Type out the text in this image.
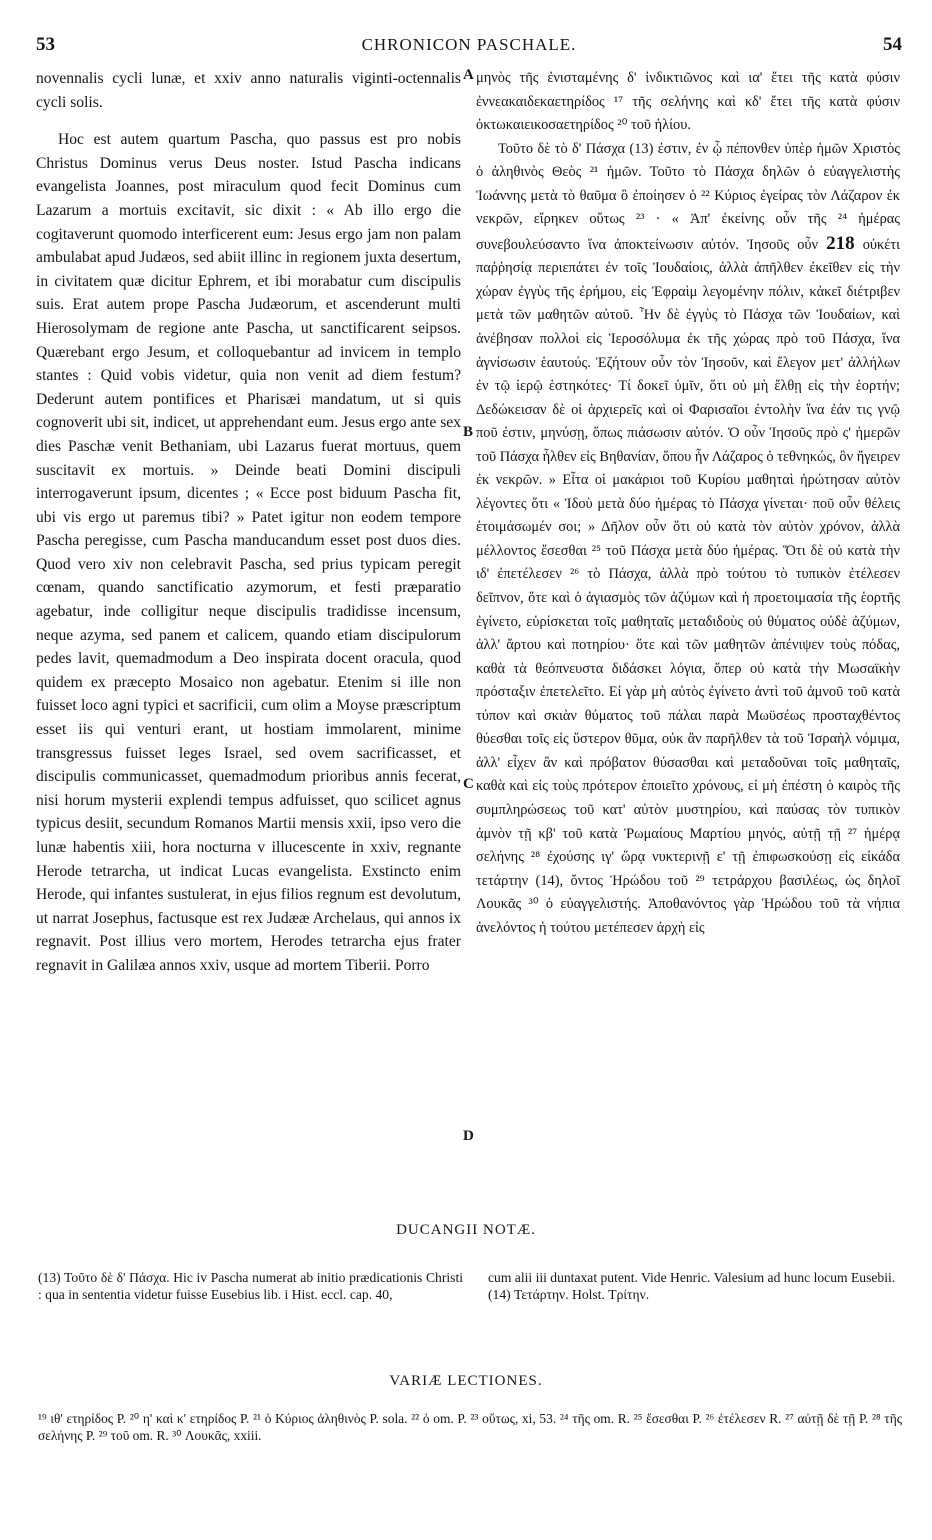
53	CHRONICON PASCHALE.	54

novennalis cycli lunæ, et xxiv anno naturalis viginti-octennalis cycli solis.

Hoc est autem quartum Pascha, quo passus est pro nobis Christus Dominus verus Deus noster. Istud Pascha indicans evangelista Joannes, post miraculum quod fecit Dominus cum Lazarum a mortuis excitavit, sic dixit : « Ab illo ergo die cogitaverunt quomodo interficerent eum: Jesus ergo jam non palam ambulabat apud Judæos, sed abiit illinc in regionem juxta desertum, in civitatem quæ dicitur Ephrem, et ibi morabatur cum discipulis suis. Erat autem prope Pascha Judæorum, et ascenderunt multi Hierosolymam de regione ante Pascha, ut sanctificarent seipsos. Quærebant ergo Jesum, et colloquebantur ad invicem in templo stantes : Quid vobis videtur, quia non venit ad diem festum? Dederunt autem pontifices et Pharisæi mandatum, ut si quis cognoverit ubi sit, indicet, ut apprehendant eum. Jesus ergo ante sex dies Paschæ venit Bethaniam, ubi Lazarus fuerat mortuus, quem suscitavit ex mortuis. » Deinde beati Domini discipuli interrogaverunt ipsum, dicentes ; « Ecce post biduum Pascha fit, ubi vis ergo ut paremus tibi? » Patet igitur non eodem tempore Pascha peregisse, cum Pascha manducandum esset post duos dies. Quod vero xiv non celebravit Pascha, sed prius typicam peregit cœnam, quando sanctificatio azymorum, et festi præparatio agebatur, inde colligitur neque discipulis tradidisse incensum, neque azyma, sed panem et calicem, quando etiam discipulorum pedes lavit, quemadmodum a Deo inspirata docent oracula, quod quidem ex præcepto Mosaico non agebatur. Etenim si ille non fuisset loco agni typici et sacrificii, cum olim a Moyse præscriptum esset iis qui venturi erant, ut hostiam immolarent, minime transgressus fuisset leges Israel, sed ovem sacrificasset, et discipulis communicasset, quemadmodum prioribus annis fecerat, nisi horum mysterii explendi tempus adfuisset, quo scilicet agnus typicus desiit, secundum Romanos Martii mensis xxii, ipso vero die lunæ habentis xiii, hora nocturna v illucescente in xxiv, regnante Herode tetrarcha, ut indicat Lucas evangelista. Exstincto enim Herode, qui infantes sustulerat, in ejus filios regnum est devolutum, ut narrat Josephus, factusque est rex Judææ Archelaus, qui annos ix regnavit. Post illius vero mortem, Herodes tetrarcha ejus frater regnavit in Galilæa annos xxiv, usque ad mortem Tiberii. Porro

A
B
C
D

μηνὸς τῆς ἐνισταμένης δ' ἰνδικτιῶνος καὶ ια' ἔτει τῆς κατὰ φύσιν ἐννεακαιδεκαετηρίδος ¹⁷ τῆς σελήνης καὶ κδ' ἔτει τῆς κατὰ φύσιν ὀκτωκαιεικοσαετηρίδος ²⁰ τοῦ ἡλίου.

Τοῦτο δὲ τὸ δ' Πάσχα (13) ἐστιν, ἐν ᾧ πέπονθεν ὑπὲρ ἡμῶν Χριστὸς ὁ ἀληθινὸς Θεὸς ²¹ ἡμῶν. Τοῦτο τὸ Πάσχα δηλῶν ὁ εὐαγγελιστὴς Ἰωάννης μετὰ τὸ θαῦμα ὃ ἐποίησεν ὁ ²² Κύριος ἐγείρας τὸν Λάζαρον ἐκ νεκρῶν, εἴρηκεν οὕτως ²³ · « Ἀπ' ἐκείνης οὖν τῆς ²⁴ ἡμέρας συνεβουλεύσαντο ἵνα ἀποκτείνωσιν αὐτόν. Ἰησοῦς οὖν 218 οὐκέτι παῤῥησίᾳ περιεπάτει ἐν τοῖς Ἰουδαίοις, ἀλλὰ ἀπῆλθεν ἐκεῖθεν εἰς τὴν χώραν ἐγγὺς τῆς ἐρήμου, εἰς Ἐφραὶμ λεγομένην πόλιν, κἀκεῖ διέτριβεν μετὰ τῶν μαθητῶν αὐτοῦ. Ἦν δὲ ἐγγὺς τὸ Πάσχα τῶν Ἰουδαίων, καὶ ἀνέβησαν πολλοὶ εἰς Ἱεροσόλυμα ἐκ τῆς χώρας πρὸ τοῦ Πάσχα, ἵνα ἁγνίσωσιν ἑαυτούς. Ἐζήτουν οὖν τὸν Ἰησοῦν, καὶ ἔλεγον μετ' ἀλλήλων ἐν τῷ ἱερῷ ἑστηκότες· Τί δοκεῖ ὑμῖν, ὅτι οὐ μὴ ἔλθῃ εἰς τὴν ἑορτήν; Δεδώκεισαν δὲ οἱ ἀρχιερεῖς καὶ οἱ Φαρισαῖοι ἐντολὴν ἵνα ἐάν τις γνῷ ποῦ ἐστιν, μηνύσῃ, ὅπως πιάσωσιν αὐτόν. Ὁ οὖν Ἰησοῦς πρὸ ς' ἡμερῶν τοῦ Πάσχα ἦλθεν εἰς Βηθανίαν, ὅπου ἦν Λάζαρος ὁ τεθνηκώς, ὃν ἤγειρεν ἐκ νεκρῶν. » Εἶτα οἱ μακάριοι τοῦ Κυρίου μαθηταὶ ἠρώτησαν αὐτὸν λέγοντες ὅτι « Ἰδοὺ μετὰ δύο ἡμέρας τὸ Πάσχα γίνεται· ποῦ οὖν θέλεις ἑτοιμάσωμέν σοι; » Δῆλον οὖν ὅτι οὐ κατὰ τὸν αὐτὸν χρόνον, ἀλλὰ μέλλοντος ἔσεσθαι ²⁵ τοῦ Πάσχα μετὰ δύο ἡμέρας. Ὅτι δὲ οὐ κατὰ τὴν ιδ' ἐπετέλεσεν ²⁶ τὸ Πάσχα, ἀλλὰ πρὸ τούτου τὸ τυπικὸν ἐτέλεσεν δεῖπνον, ὅτε καὶ ὁ ἁγιασμὸς τῶν ἀζύμων καὶ ἡ προετοιμασία τῆς ἑορτῆς ἐγίνετο, εὑρίσκεται τοῖς μαθηταῖς μεταδιδοὺς οὐ θύματος οὐδὲ ἀζύμων, ἀλλ' ἄρτου καὶ ποτηρίου· ὅτε καὶ τῶν μαθητῶν ἀπένιψεν τοὺς πόδας, καθὰ τὰ θεόπνευστα διδάσκει λόγια, ὅπερ οὐ κατὰ τὴν Μωσαϊκὴν πρόσταξιν ἐπετελεῖτο. Εἰ γὰρ μὴ αὐτὸς ἐγίνετο ἀντὶ τοῦ ἀμνοῦ τοῦ κατὰ τύπον καὶ σκιὰν θύματος τοῦ πάλαι παρὰ Μωϋσέως προσταχθέντος θύεσθαι τοῖς εἰς ὕστερον θῦμα, οὐκ ἂν παρῆλθεν τὰ τοῦ Ἰσραὴλ νόμιμα, ἀλλ' εἶχεν ἂν καὶ πρόβατον θύσασθαι καὶ μεταδοῦναι τοῖς μαθηταῖς, καθὰ καὶ εἰς τοὺς πρότερον ἐποιεῖτο χρόνους, εἰ μὴ ἐπέστη ὁ καιρὸς τῆς συμπληρώσεως τοῦ κατ' αὐτὸν μυστηρίου, καὶ παύσας τὸν τυπικὸν ἀμνὸν τῇ κβ' τοῦ κατὰ Ῥωμαίους Μαρτίου μηνός, αὐτῇ τῇ ²⁷ ἡμέρᾳ σελήνης ²⁸ ἐχούσης ιγ' ὥρᾳ νυκτερινῇ ε' τῇ ἐπιφωσκούσῃ εἰς εἰκάδα τετάρτην (14), ὄντος Ἡρώδου τοῦ ²⁹ τετράρχου βασιλέως, ὡς δηλοῖ Λουκᾶς ³⁰ ὁ εὐαγγελιστής. Ἀποθανόντος γὰρ Ἡρώδου τοῦ τὰ νήπια ἀνελόντος ἡ τούτου μετέπεσεν ἀρχὴ εἰς

DUCANGII NOTÆ.
(13) Τοῦτο δὲ δ' Πάσχα. Hic iv Pascha numerat ab initio prædicationis Christi : qua in sententia videtur fuisse Eusebius lib. i Hist. eccl. cap. 40,
cum alii iii duntaxat putent. Vide Henric. Valesium ad hunc locum Eusebii.
(14) Τετάρτην. Holst. Τρίτην.
VARIÆ LECTIONES.
¹⁹ ιθ' ετηρίδος P. ²⁰ η' καὶ κ' ετηρίδος P. ²¹ ὁ Κύριος ἀληθινὸς P. sola. ²² ὁ om. P. ²³ οὕτως, xi, 53. ²⁴ τῆς om. R. ²⁵ ἔσεσθαι P. ²⁶ ἐτέλεσεν R. ²⁷ αὐτῇ δὲ τῇ P. ²⁸ τῆς σελήνης P. ²⁹ τοῦ om. R. ³⁰ Λουκᾶς, xxiii.
